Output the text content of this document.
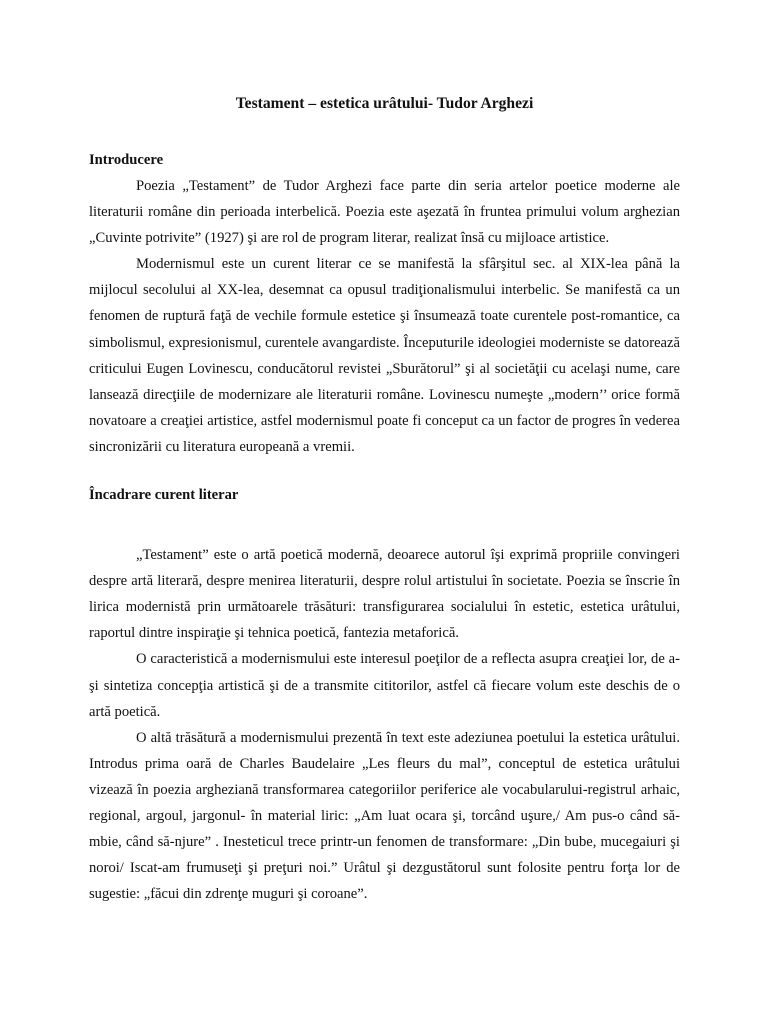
Testament – estetica urâtului- Tudor Arghezi
Introducere

Poezia „Testament” de Tudor Arghezi face parte din seria artelor poetice moderne ale literaturii române din perioada interbelică. Poezia este aşezată în fruntea primului volum arghezian „Cuvinte potrivite” (1927) şi are rol de program literar, realizat însă cu mijloace artistice.

Modernismul este un curent literar ce se manifestă la sfârşitul sec. al XIX-lea până la mijlocul secolului al XX-lea, desemnat ca opusul tradiţionalismului interbelic. Se manifestă ca un fenomen de ruptură faţă de vechile formule estetice şi însumează toate curentele post-romantice, ca simbolismul, expresionismul, curentele avangardiste. Începuturile ideologiei moderniste se datorează criticului Eugen Lovinescu, conducătorul revistei „Sburătorul” şi al societăţii cu acelaşi nume, care lansează direcţiile de modernizare ale literaturii române. Lovinescu numeşte „modern’’ orice formă novatoare a creaţiei artistice, astfel modernismul poate fi conceput ca un factor de progres în vederea sincronizării cu literatura europeană a vremii.

Încadrare curent literar

„Testament” este o artă poetică modernă, deoarece autorul îşi exprimă propriile convingeri despre artă literară, despre menirea literaturii, despre rolul artistului în societate. Poezia se înscrie în lirica modernistă prin următoarele trăsături: transfigurarea socialului în estetic, estetica urâtului, raportul dintre inspiraţie şi tehnica poetică, fantezia metaforică.

O caracteristică a modernismului este interesul poeţilor de a reflecta asupra creaţiei lor, de a-şi sintetiza concepţia artistică şi de a transmite cititorilor, astfel că fiecare volum este deschis de o artă poetică.

O altă trăsătură a modernismului prezentă în text este adeziunea poetului la estetica urâtului. Introdus prima oară de Charles Baudelaire „Les fleurs du mal”, conceptul de estetica urâtului vizează în poezia argheziană transformarea categoriilor periferice ale vocabularului-registrul arhaic, regional, argoul, jargonul- în material liric: „Am luat ocara şi, torcând uşure,/ Am pus-o când să-mbie, când să-njure” . Inesteticul trece printr-un fenomen de transformare: „Din bube, mucegaiuri şi noroi/ Iscat-am frumuseţi şi preţuri noi.” Urâtul şi dezgustătorul sunt folosite pentru forţa lor de sugestie: „făcui din zdrenţe muguri şi coroane”.
